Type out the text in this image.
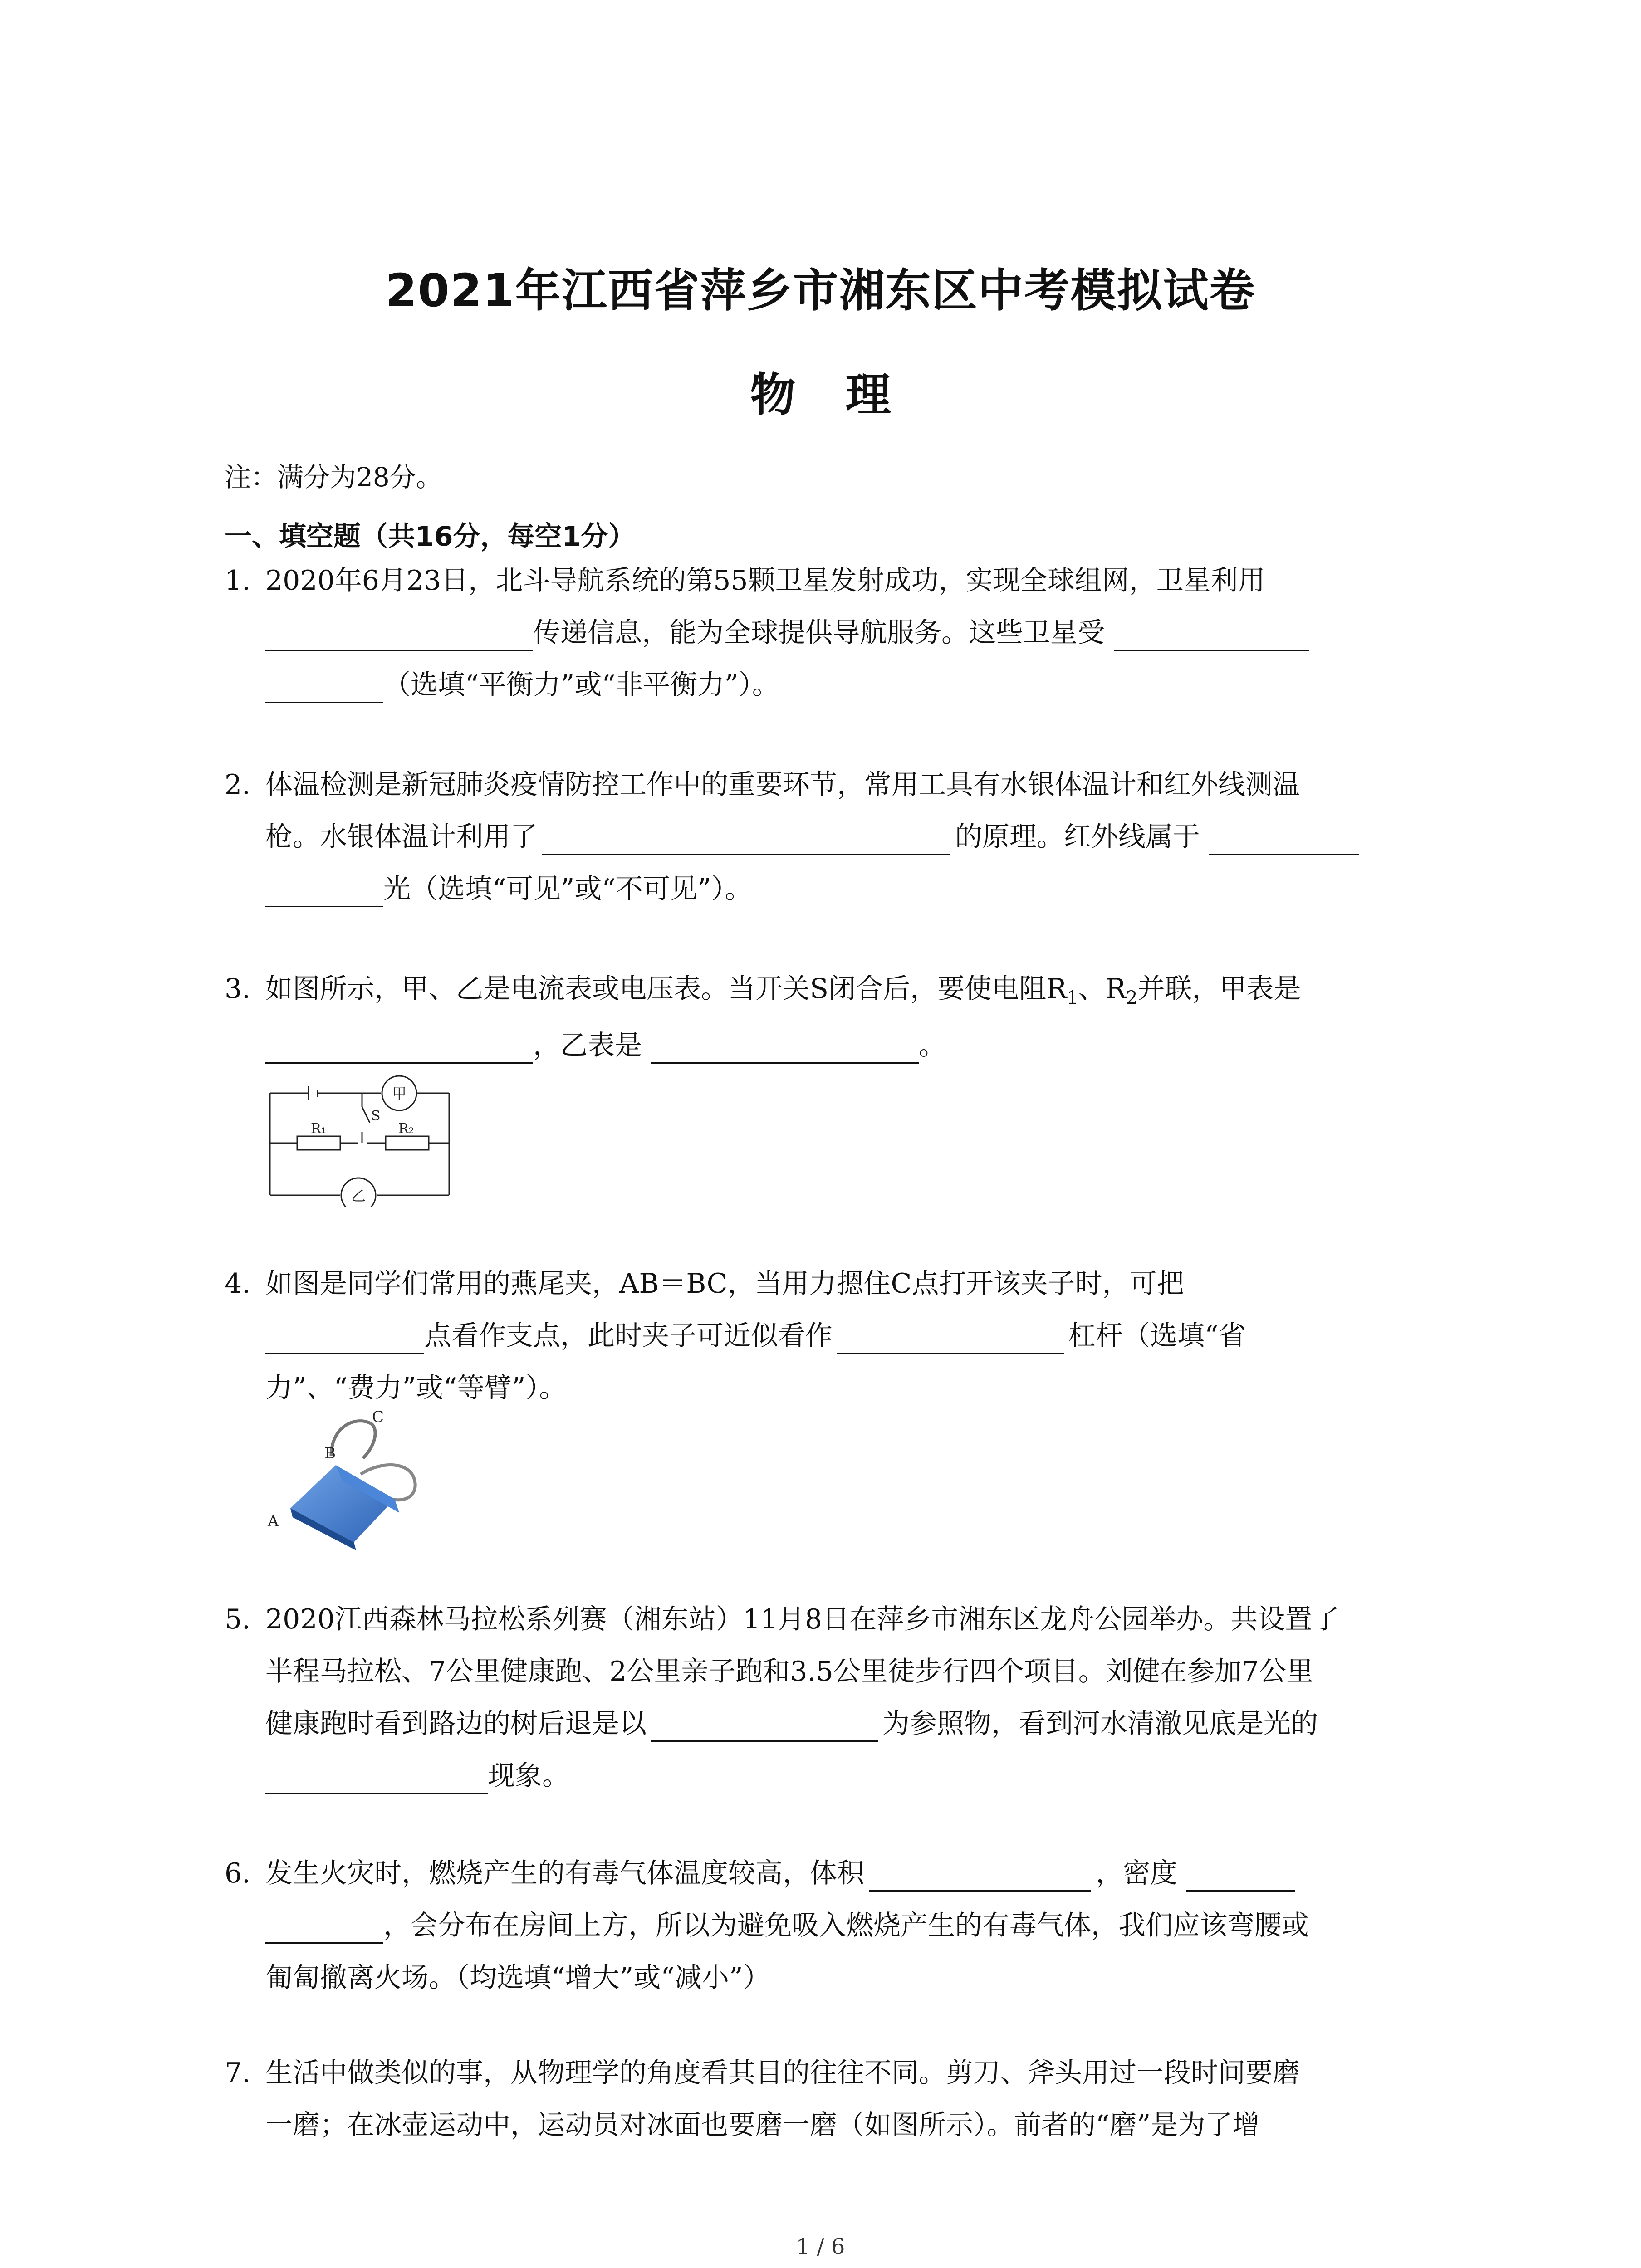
2021年江西省萍乡市湘东区中考模拟试卷
物理
注：满分为28分。
一、填空题（共16分，每空1分）
1. 2020年6月23日，北斗导航系统的第55颗卫星发射成功，实现全球组网，卫星利用
传递信息，能为全球提供导航服务。这些卫星受
（选填“平衡力”或“非平衡力”）。
2. 体温检测是新冠肺炎疫情防控工作中的重要环节，常用工具有水银体温计和红外线测温
枪。水银体温计利用了	的原理。红外线属于
光（选填“可见”或“不可见”）。
3. 如图所示，甲、乙是电流表或电压表。当开关S闭合后，要使电阻$R_1$、$R_2$并联，甲表是
，乙表是	。
甲
乙
S
R₁	R₂
4. 如图是同学们常用的燕尾夹，AB＝BC，当用力摁住C点打开该夹子时，可把
点看作支点，此时夹子可近似看作	杠杆（选填“省
力”、“费力”或“等臂”）。
C
B
A
5. 2020江西森林马拉松系列赛（湘东站）11月8日在萍乡市湘东区龙舟公园举办。共设置了
半程马拉松、7公里健康跑、2公里亲子跑和3.5公里徒步行四个项目。刘健在参加7公里
健康跑时看到路边的树后退是以	为参照物，看到河水清澈见底是光的
现象。
6. 发生火灾时，燃烧产生的有毒气体温度较高，体积	，密度
，会分布在房间上方，所以为避免吸入燃烧产生的有毒气体，我们应该弯腰或
匍匐撤离火场。（均选填“增大”或“减小”）
7. 生活中做类似的事，从物理学的角度看其目的往往不同。剪刀、斧头用过一段时间要磨
一磨；在冰壶运动中，运动员对冰面也要磨一磨（如图所示）。前者的“磨”是为了增
1 / 6
